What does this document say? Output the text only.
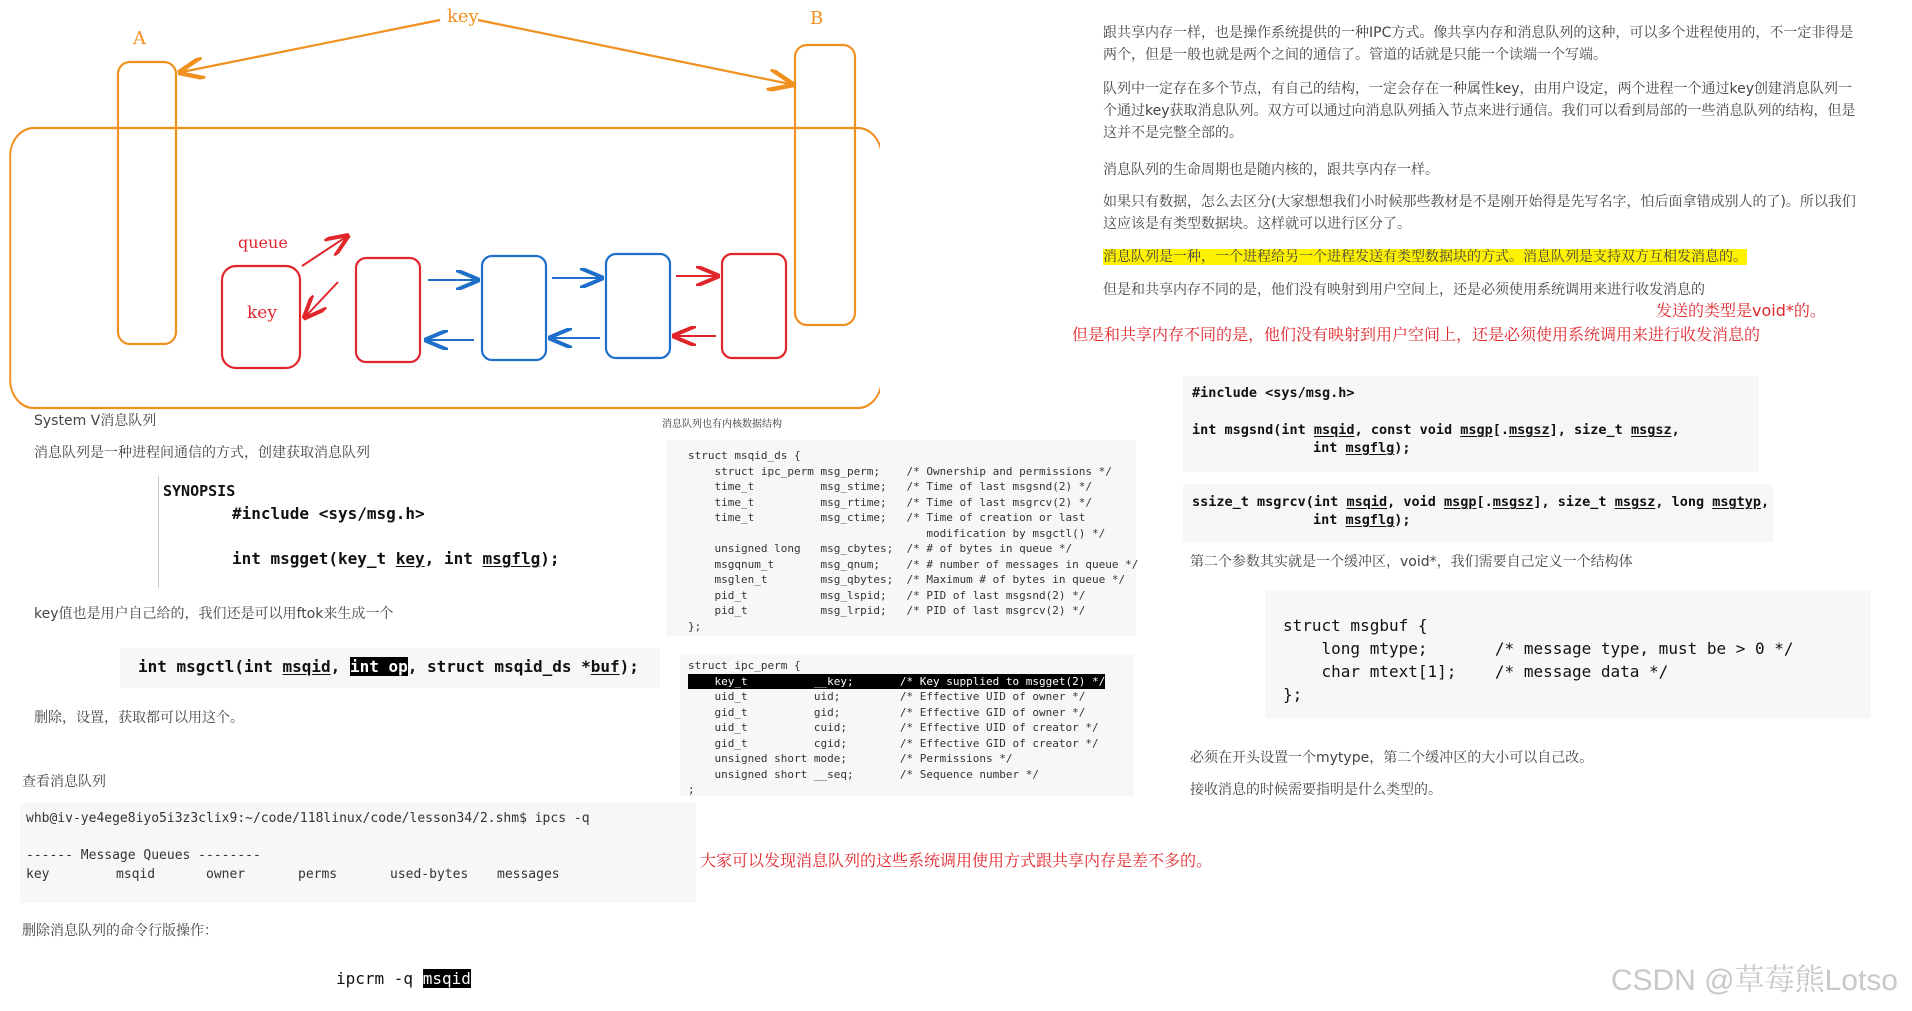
key
A
B
queue
key
System V消息队列
消息队列是一种进程间通信的方式，创建获取消息队列
SYNOPSIS
#include <sys/msg.h>
int msgget(key_t key, int msgflg);
key值也是用户自己给的，我们还是可以用ftok来生成一个
int msgctl(int msqid, int op, struct msqid_ds *buf);
删除，设置，获取都可以用这个。
查看消息队列
whb@iv-ye4ege8iyo5i3z3clix9:~/code/118linux/code/lesson34/2.shm$ ipcs -q
------ Message Queues --------
key	msqid	owner	perms	used-bytes messages
删除消息队列的命令行版操作：
ipcrm -q msqid
消息队列也有内核数据结构
struct msqid_ds {
struct ipc_perm msg_perm;    /* Ownership and permissions */
time_t          msg_stime;   /* Time of last msgsnd(2) */
time_t          msg_rtime;   /* Time of last msgrcv(2) */
time_t          msg_ctime;   /* Time of creation or last
modification by msgctl() */
unsigned long   msg_cbytes;  /* # of bytes in queue */
msgqnum_t       msg_qnum;    /* # number of messages in queue */
msglen_t        msg_qbytes;  /* Maximum # of bytes in queue */
pid_t           msg_lspid;   /* PID of last msgsnd(2) */
pid_t           msg_lrpid;   /* PID of last msgrcv(2) */
};
struct ipc_perm {
key_t          __key;       /* Key supplied to msgget(2) */
uid_t          uid;         /* Effective UID of owner */
gid_t          gid;         /* Effective GID of owner */
uid_t          cuid;        /* Effective UID of creator */
gid_t          cgid;        /* Effective GID of creator */
unsigned short mode;        /* Permissions */
unsigned short __seq;       /* Sequence number */
;
大家可以发现消息队列的这些系统调用使用方式跟共享内存是差不多的。
跟共享内存一样，也是操作系统提供的一种IPC方式。像共享内存和消息队列的这种，可以多个进程使用的，不一定非得是两个，但是一般也就是两个之间的通信了。管道的话就是只能一个读端一个写端。
队列中一定存在多个节点，有自己的结构，一定会存在一种属性key，由用户设定，两个进程一个通过key创建消息队列一个通过key获取消息队列。双方可以通过向消息队列插入节点来进行通信。我们可以看到局部的一些消息队列的结构，但是这并不是完整全部的。
消息队列的生命周期也是随内核的，跟共享内存一样。
如果只有数据，怎么去区分(大家想想我们小时候那些教材是不是刚开始得是先写名字，怕后面拿错成别人的了)。所以我们这应该是有类型数据块。这样就可以进行区分了。
消息队列是一种，一个进程给另一个进程发送有类型数据块的方式。消息队列是支持双方互相发消息的。
但是和共享内存不同的是，他们没有映射到用户空间上，还是必须使用系统调用来进行收发消息的
发送的类型是void*的。
但是和共享内存不同的是，他们没有映射到用户空间上，还是必须使用系统调用来进行收发消息的
#include <sys/msg.h>
int msgsnd(int msqid, const void msgp[.msgsz], size_t msgsz,
int msgflg);
ssize_t msgrcv(int msqid, void msgp[.msgsz], size_t msgsz, long msgtyp,
int msgflg);
第二个参数其实就是一个缓冲区，void*，我们需要自己定义一个结构体
struct msgbuf {
long mtype;       /* message type, must be > 0 */
char mtext[1];    /* message data */
};
必须在开头设置一个mytype，第二个缓冲区的大小可以自己改。
接收消息的时候需要指明是什么类型的。
CSDN @草莓熊Lotso
